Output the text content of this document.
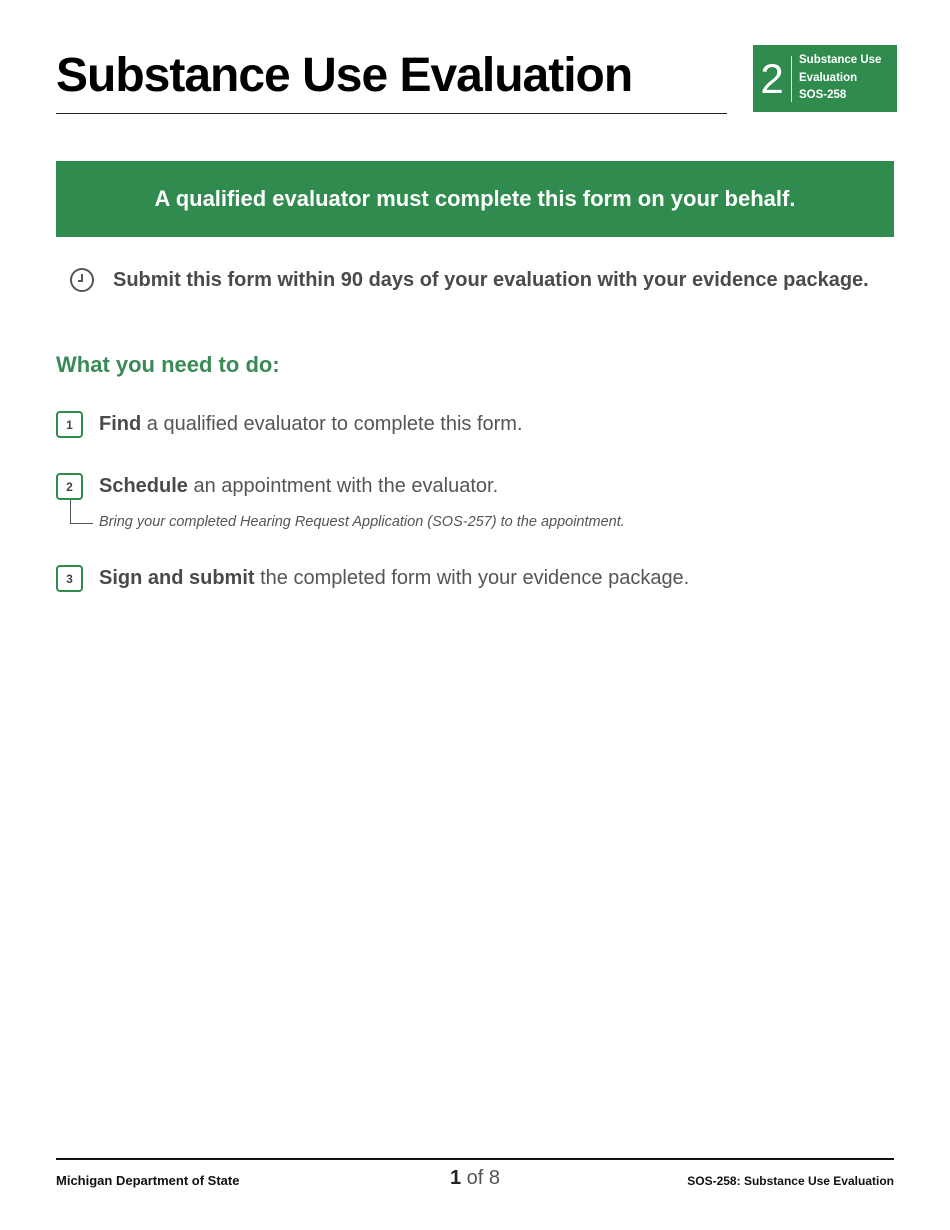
Substance Use Evaluation	2	Substance Use
Evaluation
SOS-258
A qualified evaluator must complete this form on your behalf.
Submit this form within 90 days of your evaluation with your evidence package.
What you need to do:
1	Find a qualified evaluator to complete this form.
2	Schedule an appointment with the evaluator.
Bring your completed Hearing Request Application (SOS-257) to the appointment.
3	Sign and submit the completed form with your evidence package.
Michigan Department of State	1 of 8	SOS-258: Substance Use Evaluation
